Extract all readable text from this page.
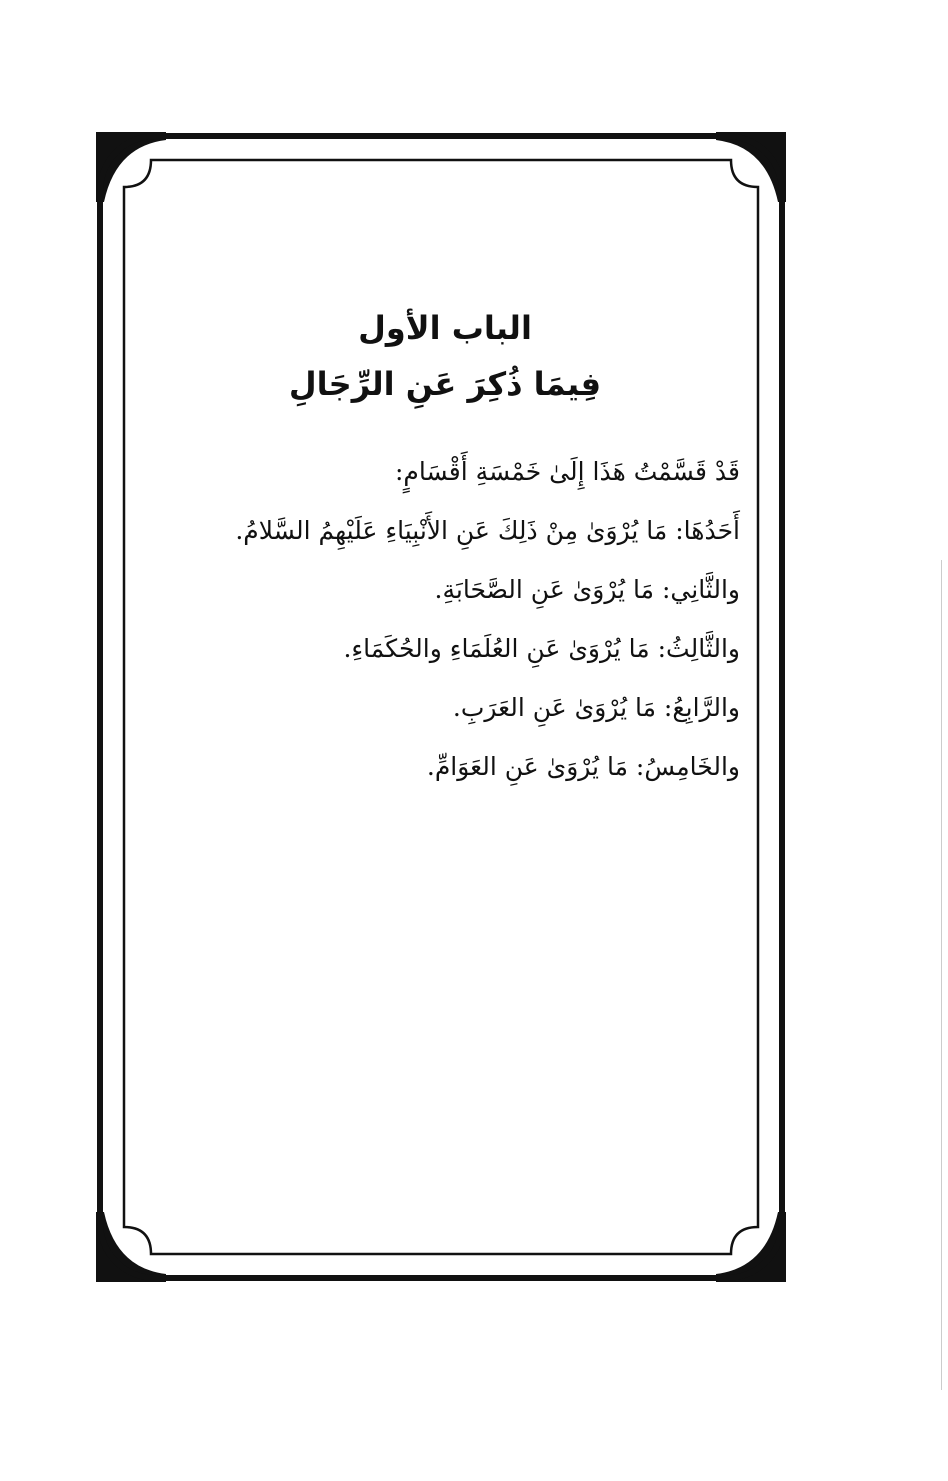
الباب الأول
فِيمَا ذُكِرَ عَنِ الرِّجَالِ
قَدْ قَسَّمْتُ هَذَا إِلَىٰ خَمْسَةِ أَقْسَامٍ:
أَحَدُهَا: مَا يُرْوَىٰ مِنْ ذَلِكَ عَنِ الأَنْبِيَاءِ عَلَيْهِمُ السَّلامُ.
والثَّانِي: مَا يُرْوَىٰ عَنِ الصَّحَابَةِ.
والثَّالِثُ: مَا يُرْوَىٰ عَنِ العُلَمَاءِ والحُكَمَاءِ.
والرَّابِعُ: مَا يُرْوَىٰ عَنِ العَرَبِ.
والخَامِسُ: مَا يُرْوَىٰ عَنِ العَوَامِّ.
